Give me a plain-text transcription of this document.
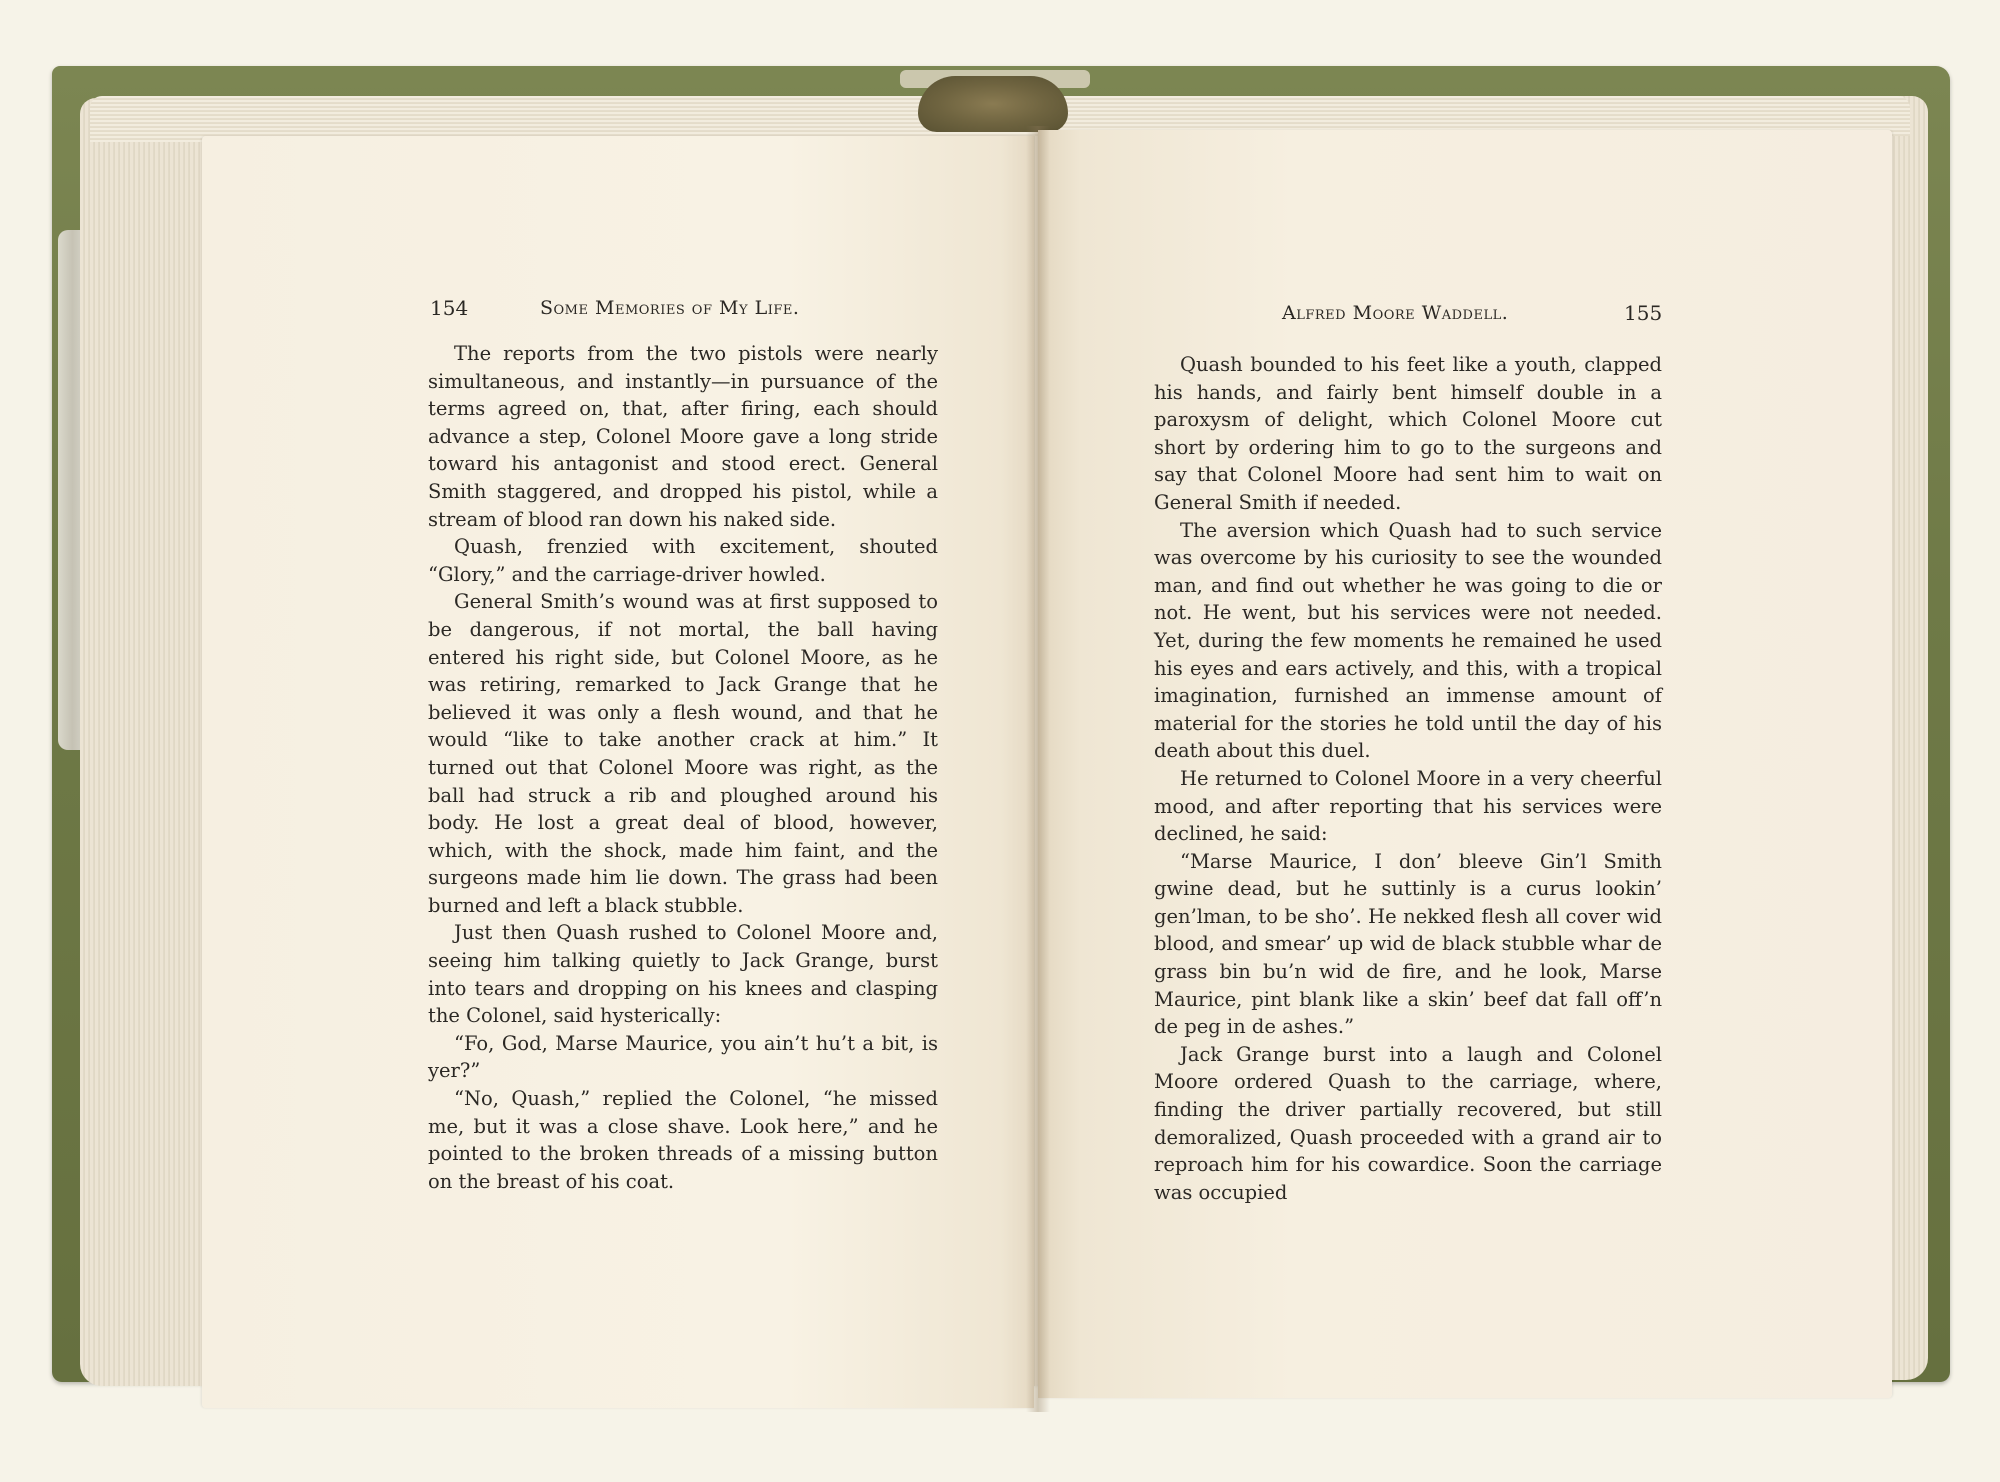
154	Some Memories of My Life.

The reports from the two pistols were nearly simultaneous, and instantly—in pursuance of the terms agreed on, that, after firing, each should advance a step, Colonel Moore gave a long stride toward his antagonist and stood erect. General Smith staggered, and dropped his pistol, while a stream of blood ran down his naked side.

Quash, frenzied with excitement, shouted “Glory,” and the carriage-driver howled.

General Smith’s wound was at first supposed to be dangerous, if not mortal, the ball having entered his right side, but Colonel Moore, as he was retiring, remarked to Jack Grange that he believed it was only a flesh wound, and that he would “like to take another crack at him.” It turned out that Colonel Moore was right, as the ball had struck a rib and ploughed around his body. He lost a great deal of blood, however, which, with the shock, made him faint, and the surgeons made him lie down. The grass had been burned and left a black stubble.

Just then Quash rushed to Colonel Moore and, seeing him talking quietly to Jack Grange, burst into tears and dropping on his knees and clasping the Colonel, said hysterically:

“Fo, God, Marse Maurice, you ain’t hu’t a bit, is yer?”

“No, Quash,” replied the Colonel, “he missed me, but it was a close shave. Look here,” and he pointed to the broken threads of a missing button on the breast of his coat.

Alfred Moore Waddell.	155

Quash bounded to his feet like a youth, clapped his hands, and fairly bent himself double in a paroxysm of delight, which Colonel Moore cut short by ordering him to go to the surgeons and say that Colonel Moore had sent him to wait on General Smith if needed.

The aversion which Quash had to such service was overcome by his curiosity to see the wounded man, and find out whether he was going to die or not. He went, but his services were not needed. Yet, during the few moments he remained he used his eyes and ears actively, and this, with a tropical imagination, furnished an immense amount of material for the stories he told until the day of his death about this duel.

He returned to Colonel Moore in a very cheerful mood, and after reporting that his services were declined, he said:

“Marse Maurice, I don’ bleeve Gin’l Smith gwine dead, but he suttinly is a curus lookin’ gen’lman, to be sho’. He nekked flesh all cover wid blood, and smear’ up wid de black stubble whar de grass bin bu’n wid de fire, and he look, Marse Maurice, pint blank like a skin’ beef dat fall off’n de peg in de ashes.”

Jack Grange burst into a laugh and Colonel Moore ordered Quash to the carriage, where, finding the driver partially recovered, but still demoralized, Quash proceeded with a grand air to reproach him for his cowardice. Soon the carriage was occupied
